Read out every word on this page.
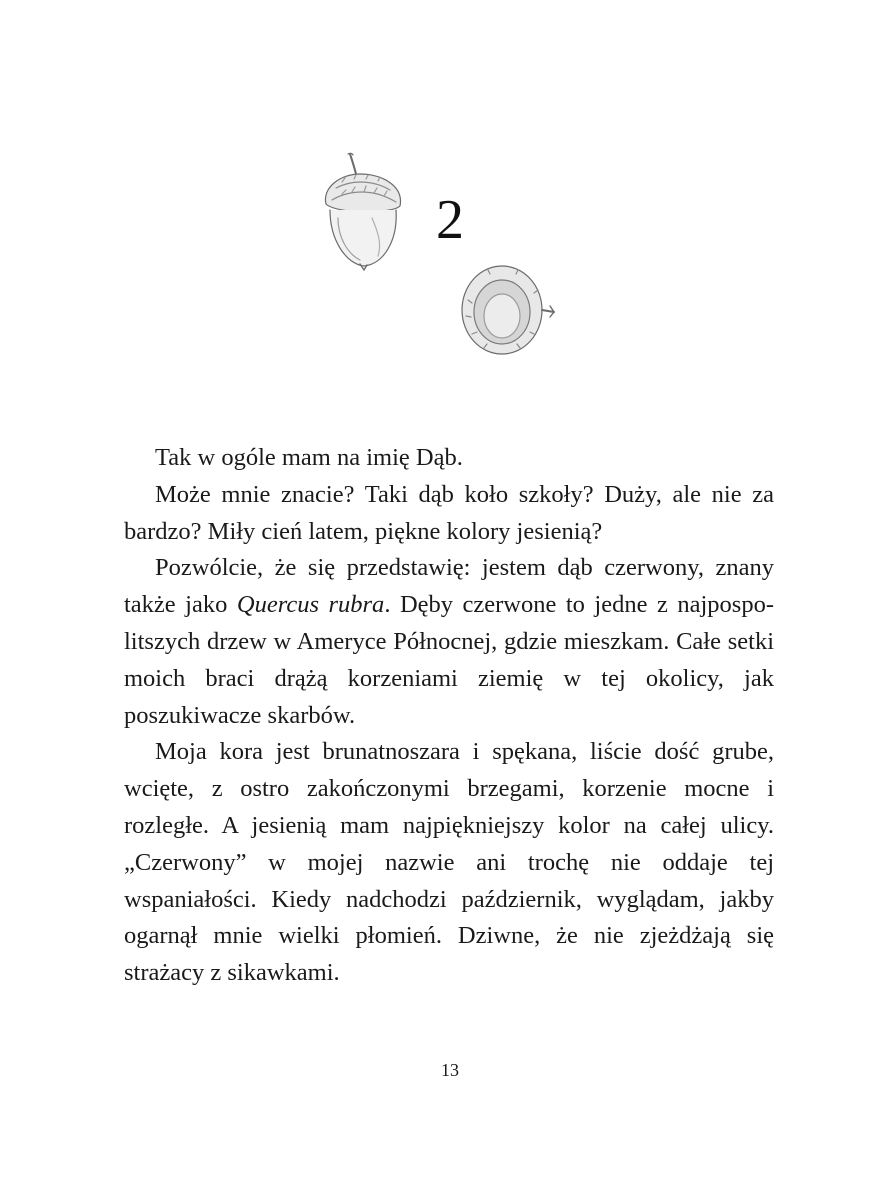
2

Tak w ogóle mam na imię Dąb.

Może mnie znacie? Taki dąb koło szkoły? Duży, ale nie za bardzo? Miły cień latem, piękne kolory jesienią?

Pozwólcie, że się przedstawię: jestem dąb czerwony, znany także jako Quercus rubra. Dęby czerwone to jedne z najpospolitszych drzew w Ameryce Północnej, gdzie mieszkam. Całe setki moich braci drążą korzeniami ziemię w tej okolicy, jak poszukiwacze skarbów.

Moja kora jest brunatnoszara i spękana, liście dość grube, wcięte, z ostro zakończonymi brzegami, korzenie mocne i rozległe. A jesienią mam najpiękniejszy kolor na całej ulicy. „Czerwony” w mojej nazwie ani trochę nie oddaje tej wspaniałości. Kiedy nadchodzi październik, wyglądam, jakby ogarnął mnie wielki płomień. Dziwne, że nie zjeżdżają się strażacy z sikawkami.

13
